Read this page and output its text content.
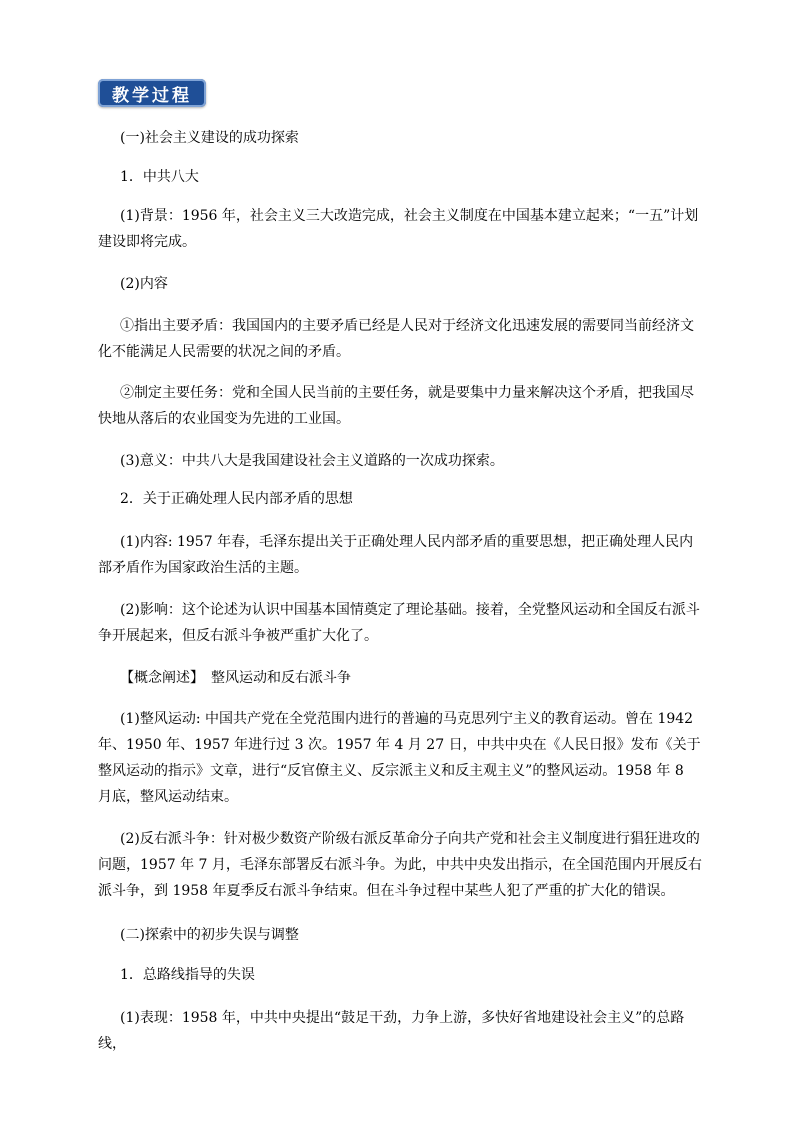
教学过程

(一)社会主义建设的成功探索

1．中共八大

(1)背景：1956 年，社会主义三大改造完成，社会主义制度在中国基本建立起来；“一五”计划建设即将完成。

(2)内容

①指出主要矛盾：我国国内的主要矛盾已经是人民对于经济文化迅速发展的需要同当前经济文化不能满足人民需要的状况之间的矛盾。

②制定主要任务：党和全国人民当前的主要任务，就是要集中力量来解决这个矛盾，把我国尽快地从落后的农业国变为先进的工业国。

(3)意义：中共八大是我国建设社会主义道路的一次成功探索。

2．关于正确处理人民内部矛盾的思想

(1)内容: 1957 年春，毛泽东提出关于正确处理人民内部矛盾的重要思想，把正确处理人民内部矛盾作为国家政治生活的主题。

(2)影响：这个论述为认识中国基本国情奠定了理论基础。接着，全党整风运动和全国反右派斗争开展起来，但反右派斗争被严重扩大化了。

【概念阐述】　整风运动和反右派斗争

(1)整风运动: 中国共产党在全党范围内进行的普遍的马克思列宁主义的教育运动。曾在 1942 年、1950 年、1957 年进行过 3 次。1957 年 4 月 27 日，中共中央在《人民日报》发布《关于整风运动的指示》文章，进行“反官僚主义、反宗派主义和反主观主义”的整风运动。1958 年 8 月底，整风运动结束。

(2)反右派斗争：针对极少数资产阶级右派反革命分子向共产党和社会主义制度进行猖狂进攻的问题，1957 年 7 月，毛泽东部署反右派斗争。为此，中共中央发出指示，在全国范围内开展反右派斗争，到 1958 年夏季反右派斗争结束。但在斗争过程中某些人犯了严重的扩大化的错误。

(二)探索中的初步失误与调整

1．总路线指导的失误

(1)表现：1958 年，中共中央提出“鼓足干劲，力争上游，多快好省地建设社会主义”的总路线，
